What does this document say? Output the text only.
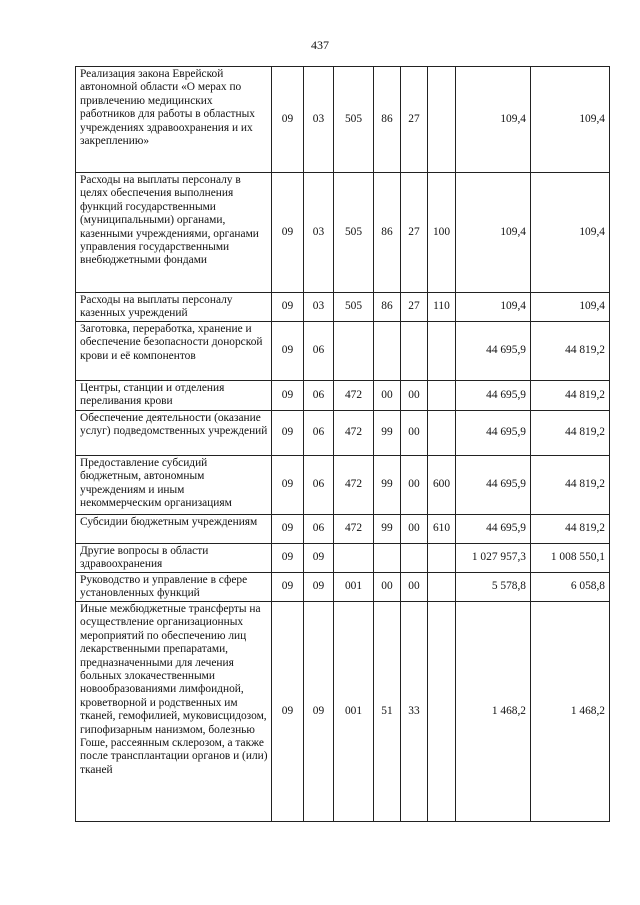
437
Реализация закона Еврейской автономной области «О мерах по привлечению медицинских работников для работы в областных учреждениях здравоохранения и их закреплению»	09	03	505	86	27		109,4	109,4
Расходы на выплаты персоналу в целях обеспечения выполнения функций государственными (муниципальными) органами, казенными учреждениями, органами управления государственными внебюджетными фондами	09	03	505	86	27	100	109,4	109,4
Расходы на выплаты персоналу казенных учреждений	09	03	505	86	27	110	109,4	109,4
Заготовка, переработка, хранение и обеспечение безопасности донорской крови и её компонентов	09	06					44 695,9	44 819,2
Центры, станции и отделения переливания крови	09	06	472	00	00		44 695,9	44 819,2
Обеспечение деятельности (оказание услуг) подведомственных учреждений	09	06	472	99	00		44 695,9	44 819,2
Предоставление субсидий бюджетным, автономным учреждениям и иным некоммерческим организациям	09	06	472	99	00	600	44 695,9	44 819,2
Субсидии бюджетным учреждениям	09	06	472	99	00	610	44 695,9	44 819,2
Другие вопросы в области здравоохранения	09	09					1 027 957,3	1 008 550,1
Руководство и управление в сфере установленных функций	09	09	001	00	00		5 578,8	6 058,8
Иные межбюджетные трансферты на осуществление организационных мероприятий по обеспечению лиц лекарственными препаратами, предназначенными для лечения больных злокачественными новообразованиями лимфоидной, кроветворной и родственных им тканей, гемофилией, муковисцидозом, гипофизарным нанизмом, болезнью Гоше, рассеянным склерозом, а также после трансплантации органов и (или) тканей	09	09	001	51	33		1 468,2	1 468,2
